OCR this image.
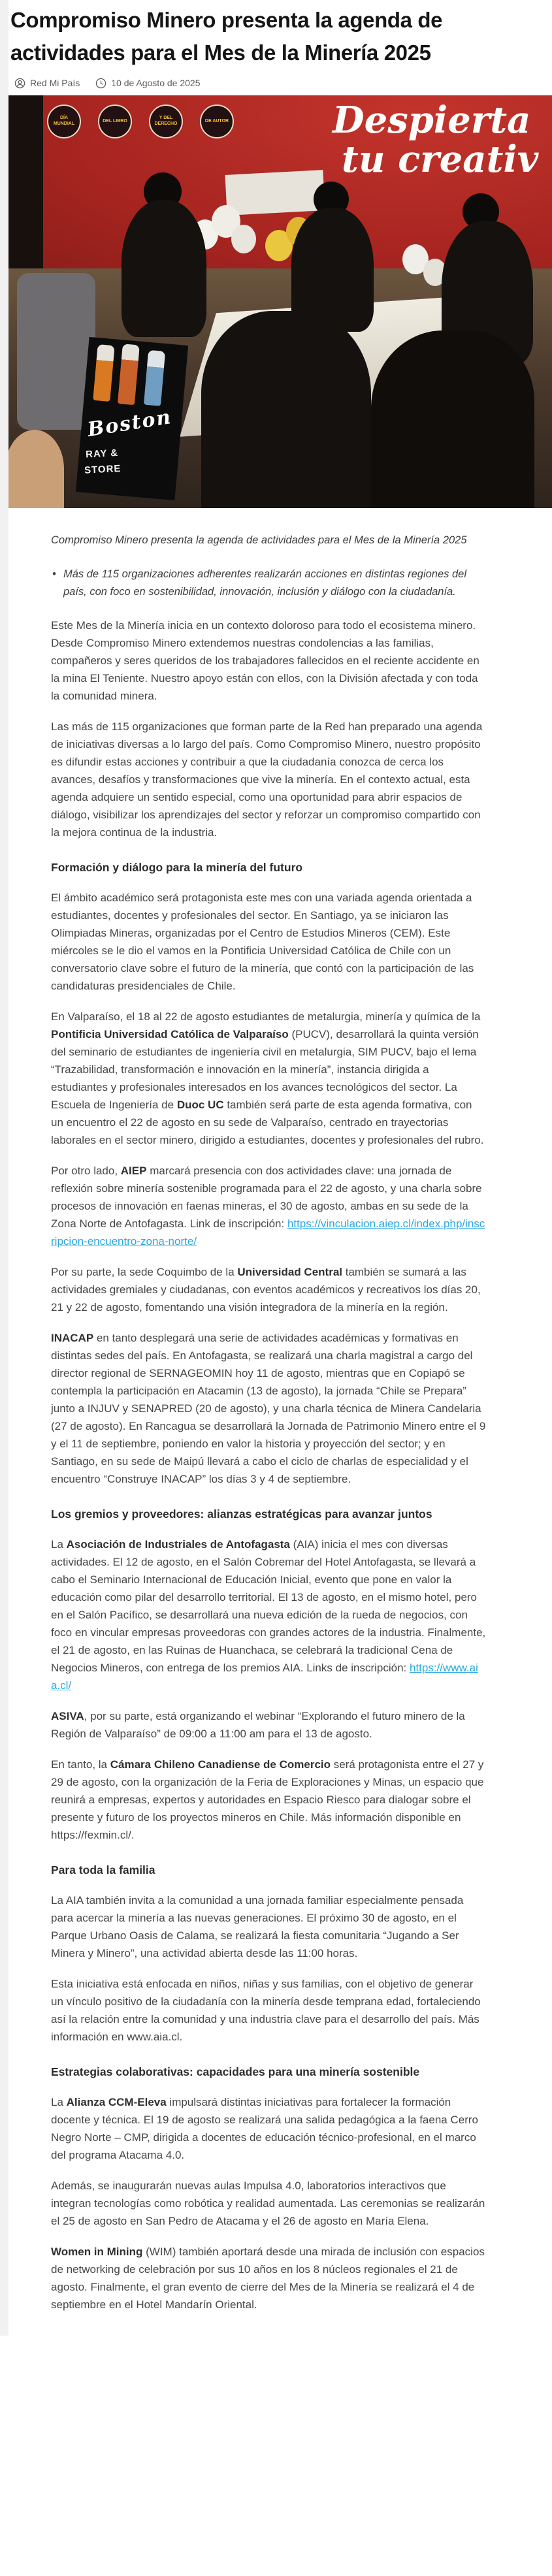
Compromiso Minero presenta la agenda de actividades para el Mes de la Minería 2025
Red Mi País	10 de Agosto de 2025
DÍA MUNDIAL
DEL LIBRO
Y DEL DERECHO
DE AUTOR	Despierta
tu creativ
Boston
RAY &
STORE
Compromiso Minero presenta la agenda de actividades para el Mes de la Minería 2025
• Más de 115 organizaciones adherentes realizarán acciones en distintas regiones del país, con foco en sostenibilidad, innovación, inclusión y diálogo con la ciudadanía.

Este Mes de la Minería inicia en un contexto doloroso para todo el ecosistema minero. Desde Compromiso Minero extendemos nuestras condolencias a las familias, compañeros y seres queridos de los trabajadores fallecidos en el reciente accidente en la mina El Teniente. Nuestro apoyo están con ellos, con la División afectada y con toda la comunidad minera.

Las más de 115 organizaciones que forman parte de la Red han preparado una agenda de iniciativas diversas a lo largo del país. Como Compromiso Minero, nuestro propósito es difundir estas acciones y contribuir a que la ciudadanía conozca de cerca los avances, desafíos y transformaciones que vive la minería. En el contexto actual, esta agenda adquiere un sentido especial, como una oportunidad para abrir espacios de diálogo, visibilizar los aprendizajes del sector y reforzar un compromiso compartido con la mejora continua de la industria.

Formación y diálogo para la minería del futuro

El ámbito académico será protagonista este mes con una variada agenda orientada a estudiantes, docentes y profesionales del sector. En Santiago, ya se iniciaron las Olimpiadas Mineras, organizadas por el Centro de Estudios Mineros (CEM). Este miércoles se le dio el vamos en la Pontificia Universidad Católica de Chile con un conversatorio clave sobre el futuro de la minería, que contó con la participación de las candidaturas presidenciales de Chile.

En Valparaíso, el 18 al 22 de agosto estudiantes de metalurgia, minería y química de la Pontificia Universidad Católica de Valparaíso (PUCV), desarrollará la quinta versión del seminario de estudiantes de ingeniería civil en metalurgia, SIM PUCV, bajo el lema “Trazabilidad, transformación e innovación en la minería”, instancia dirigida a estudiantes y profesionales interesados en los avances tecnológicos del sector. La Escuela de Ingeniería de Duoc UC también será parte de esta agenda formativa, con un encuentro el 22 de agosto en su sede de Valparaíso, centrado en trayectorias laborales en el sector minero, dirigido a estudiantes, docentes y profesionales del rubro.

Por otro lado, AIEP marcará presencia con dos actividades clave: una jornada de reflexión sobre minería sostenible programada para el 22 de agosto, y una charla sobre procesos de innovación en faenas mineras, el 30 de agosto, ambas en su sede de la Zona Norte de Antofagasta. Link de inscripción: https://vinculacion.aiep.cl/index.php/inscripcion-encuentro-zona-norte/

Por su parte, la sede Coquimbo de la Universidad Central también se sumará a las actividades gremiales y ciudadanas, con eventos académicos y recreativos los días 20, 21 y 22 de agosto, fomentando una visión integradora de la minería en la región.

INACAP en tanto desplegará una serie de actividades académicas y formativas en distintas sedes del país. En Antofagasta, se realizará una charla magistral a cargo del director regional de SERNAGEOMIN hoy 11 de agosto, mientras que en Copiapó se contempla la participación en Atacamin (13 de agosto), la jornada “Chile se Prepara” junto a INJUV y SENAPRED (20 de agosto), y una charla técnica de Minera Candelaria (27 de agosto). En Rancagua se desarrollará la Jornada de Patrimonio Minero entre el 9 y el 11 de septiembre, poniendo en valor la historia y proyección del sector; y en Santiago, en su sede de Maipú llevará a cabo el ciclo de charlas de especialidad y el encuentro “Construye INACAP” los días 3 y 4 de septiembre.

Los gremios y proveedores: alianzas estratégicas para avanzar juntos

La Asociación de Industriales de Antofagasta (AIA) inicia el mes con diversas actividades. El 12 de agosto, en el Salón Cobremar del Hotel Antofagasta, se llevará a cabo el Seminario Internacional de Educación Inicial, evento que pone en valor la educación como pilar del desarrollo territorial. El 13 de agosto, en el mismo hotel, pero en el Salón Pacífico, se desarrollará una nueva edición de la rueda de negocios, con foco en vincular empresas proveedoras con grandes actores de la industria. Finalmente, el 21 de agosto, en las Ruinas de Huanchaca, se celebrará la tradicional Cena de Negocios Mineros, con entrega de los premios AIA. Links de inscripción: https://www.aia.cl/

ASIVA, por su parte, está organizando el webinar “Explorando el futuro minero de la Región de Valparaíso” de 09:00 a 11:00 am para el 13 de agosto.

En tanto, la Cámara Chileno Canadiense de Comercio será protagonista entre el 27 y 29 de agosto, con la organización de la Feria de Exploraciones y Minas, un espacio que reunirá a empresas, expertos y autoridades en Espacio Riesco para dialogar sobre el presente y futuro de los proyectos mineros en Chile. Más información disponible en https://fexmin.cl/.

Para toda la familia

La AIA también invita a la comunidad a una jornada familiar especialmente pensada para acercar la minería a las nuevas generaciones. El próximo 30 de agosto, en el Parque Urbano Oasis de Calama, se realizará la fiesta comunitaria “Jugando a Ser Minera y Minero”, una actividad abierta desde las 11:00 horas.

Esta iniciativa está enfocada en niños, niñas y sus familias, con el objetivo de generar un vínculo positivo de la ciudadanía con la minería desde temprana edad, fortaleciendo así la relación entre la comunidad y una industria clave para el desarrollo del país. Más información en www.aia.cl.

Estrategias colaborativas: capacidades para una minería sostenible

La Alianza CCM-Eleva impulsará distintas iniciativas para fortalecer la formación docente y técnica. El 19 de agosto se realizará una salida pedagógica a la faena Cerro Negro Norte – CMP, dirigida a docentes de educación técnico-profesional, en el marco del programa Atacama 4.0.

Además, se inaugurarán nuevas aulas Impulsa 4.0, laboratorios interactivos que integran tecnologías como robótica y realidad aumentada. Las ceremonias se realizarán el 25 de agosto en San Pedro de Atacama y el 26 de agosto en María Elena.

Women in Mining (WIM) también aportará desde una mirada de inclusión con espacios de networking de celebración por sus 10 años en los 8 núcleos regionales el 21 de agosto. Finalmente, el gran evento de cierre del Mes de la Minería se realizará el 4 de septiembre en el Hotel Mandarín Oriental.
